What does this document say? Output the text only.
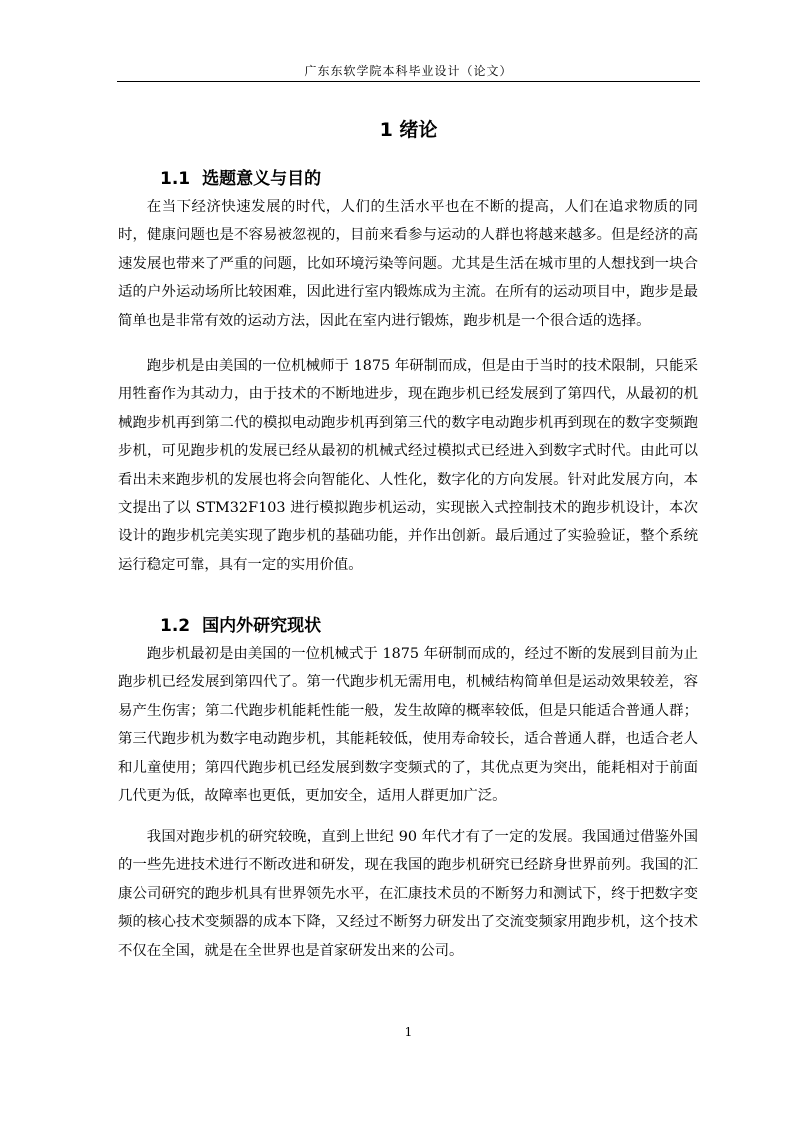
广东东软学院本科毕业设计（论文）
1 绪论
1.1 选题意义与目的

在当下经济快速发展的时代，人们的生活水平也在不断的提高，人们在追求物质的同时，健康问题也是不容易被忽视的，目前来看参与运动的人群也将越来越多。但是经济的高速发展也带来了严重的问题，比如环境污染等问题。尤其是生活在城市里的人想找到一块合适的户外运动场所比较困难，因此进行室内锻炼成为主流。在所有的运动项目中，跑步是最简单也是非常有效的运动方法，因此在室内进行锻炼，跑步机是一个很合适的选择。

跑步机是由美国的一位机械师于 1875 年研制而成，但是由于当时的技术限制，只能采用牲畜作为其动力，由于技术的不断地进步，现在跑步机已经发展到了第四代，从最初的机械跑步机再到第二代的模拟电动跑步机再到第三代的数字电动跑步机再到现在的数字变频跑步机，可见跑步机的发展已经从最初的机械式经过模拟式已经进入到数字式时代。由此可以看出未来跑步机的发展也将会向智能化、人性化，数字化的方向发展。针对此发展方向，本文提出了以 STM32F103 进行模拟跑步机运动，实现嵌入式控制技术的跑步机设计，本次设计的跑步机完美实现了跑步机的基础功能，并作出创新。最后通过了实验验证，整个系统运行稳定可靠，具有一定的实用价值。

1.2 国内外研究现状

跑步机最初是由美国的一位机械式于 1875 年研制而成的，经过不断的发展到目前为止跑步机已经发展到第四代了。第一代跑步机无需用电，机械结构简单但是运动效果较差，容易产生伤害；第二代跑步机能耗性能一般，发生故障的概率较低，但是只能适合普通人群；第三代跑步机为数字电动跑步机，其能耗较低，使用寿命较长，适合普通人群，也适合老人和儿童使用；第四代跑步机已经发展到数字变频式的了，其优点更为突出，能耗相对于前面几代更为低，故障率也更低，更加安全，适用人群更加广泛。

我国对跑步机的研究较晚，直到上世纪 90 年代才有了一定的发展。我国通过借鉴外国的一些先进技术进行不断改进和研发，现在我国的跑步机研究已经跻身世界前列。我国的汇康公司研究的跑步机具有世界领先水平，在汇康技术员的不断努力和测试下，终于把数字变频的核心技术变频器的成本下降，又经过不断努力研发出了交流变频家用跑步机，这个技术不仅在全国，就是在全世界也是首家研发出来的公司。

1
